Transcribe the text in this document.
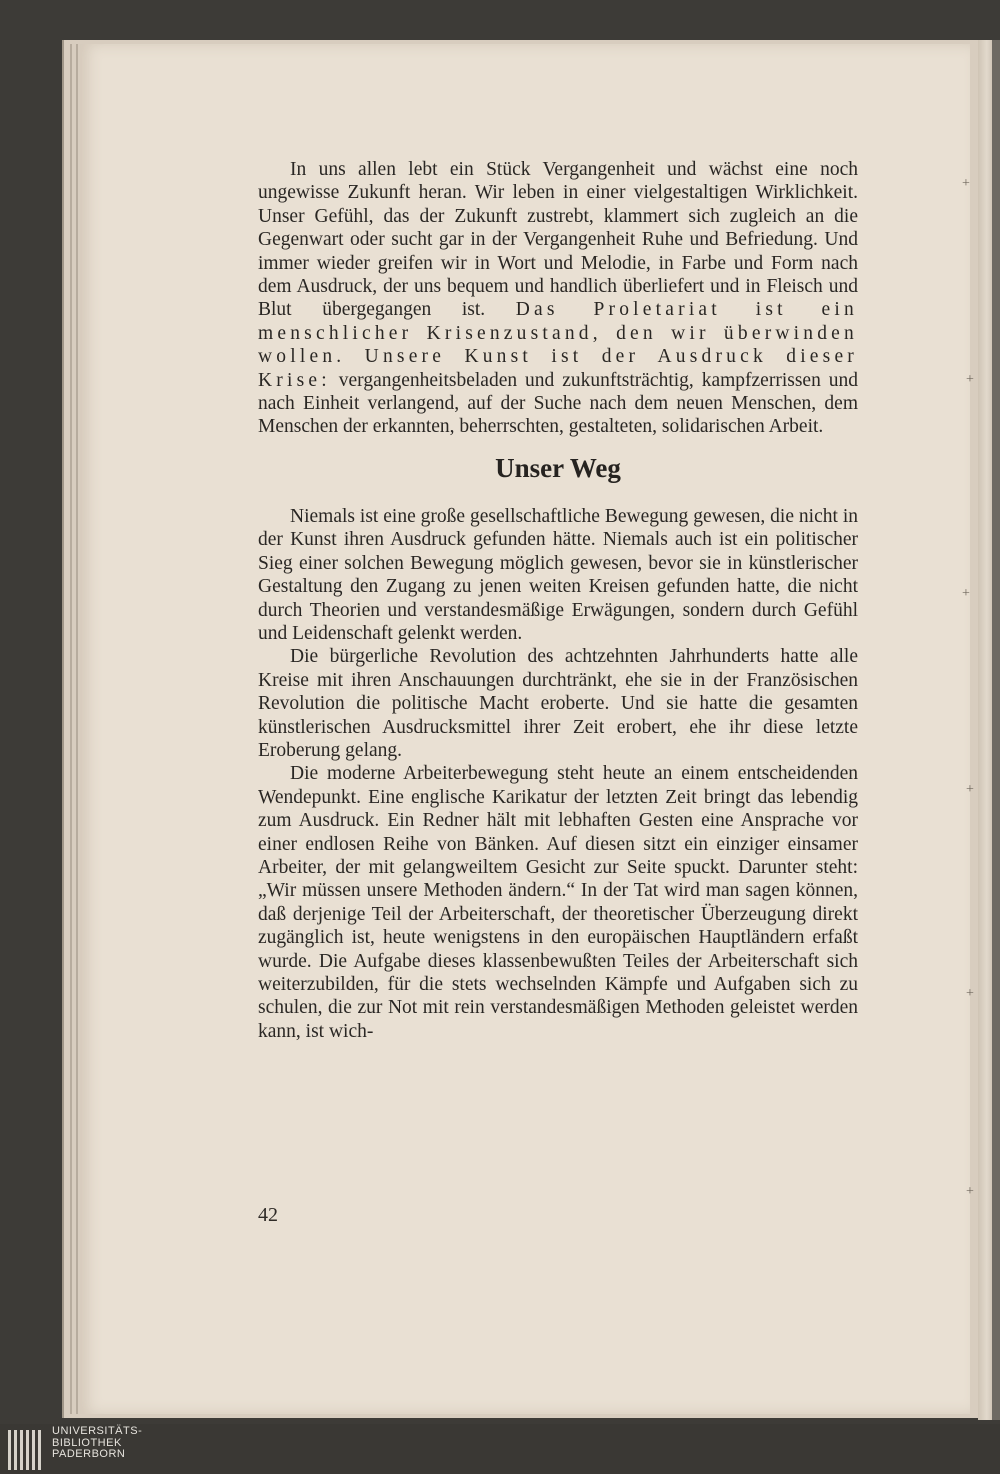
+
+
+
+
+
+

In uns allen lebt ein Stück Vergangenheit und wächst eine noch ungewisse Zukunft heran. Wir leben in einer vielgestaltigen Wirklichkeit. Unser Gefühl, das der Zukunft zustrebt, klammert sich zugleich an die Gegenwart oder sucht gar in der Vergangenheit Ruhe und Befriedung. Und immer wieder greifen wir in Wort und Melodie, in Farbe und Form nach dem Ausdruck, der uns bequem und handlich überliefert und in Fleisch und Blut übergegangen ist. Das Proletariat ist ein menschlicher Krisenzustand, den wir überwinden wollen. Unsere Kunst ist der Ausdruck dieser Krise: vergangenheitsbeladen und zukunftsträchtig, kampfzerrissen und nach Einheit verlangend, auf der Suche nach dem neuen Menschen, dem Menschen der erkannten, beherrschten, gestalteten, solidarischen Arbeit.

Unser Weg

Niemals ist eine große gesellschaftliche Bewegung gewesen, die nicht in der Kunst ihren Ausdruck gefunden hätte. Niemals auch ist ein politischer Sieg einer solchen Bewegung möglich gewesen, bevor sie in künstlerischer Gestaltung den Zugang zu jenen weiten Kreisen gefunden hatte, die nicht durch Theorien und verstandesmäßige Erwägungen, sondern durch Gefühl und Leidenschaft gelenkt werden.

Die bürgerliche Revolution des achtzehnten Jahrhunderts hatte alle Kreise mit ihren Anschauungen durchtränkt, ehe sie in der Französischen Revolution die politische Macht eroberte. Und sie hatte die gesamten künstlerischen Ausdrucksmittel ihrer Zeit erobert, ehe ihr diese letzte Eroberung gelang.

Die moderne Arbeiterbewegung steht heute an einem entscheidenden Wendepunkt. Eine englische Karikatur der letzten Zeit bringt das lebendig zum Ausdruck. Ein Redner hält mit lebhaften Gesten eine Ansprache vor einer endlosen Reihe von Bänken. Auf diesen sitzt ein einziger einsamer Arbeiter, der mit gelangweiltem Gesicht zur Seite spuckt. Darunter steht: „Wir müssen unsere Methoden ändern.“ In der Tat wird man sagen können, daß derjenige Teil der Arbeiterschaft, der theoretischer Überzeugung direkt zugänglich ist, heute wenigstens in den europäischen Hauptländern erfaßt wurde. Die Aufgabe dieses klassenbewußten Teiles der Arbeiterschaft sich weiterzubilden, für die stets wechselnden Kämpfe und Aufgaben sich zu schulen, die zur Not mit rein verstandesmäßigen Methoden geleistet werden kann, ist wich-

42
UNIVERSITÄTS-
BIBLIOTHEK
PADERBORN
